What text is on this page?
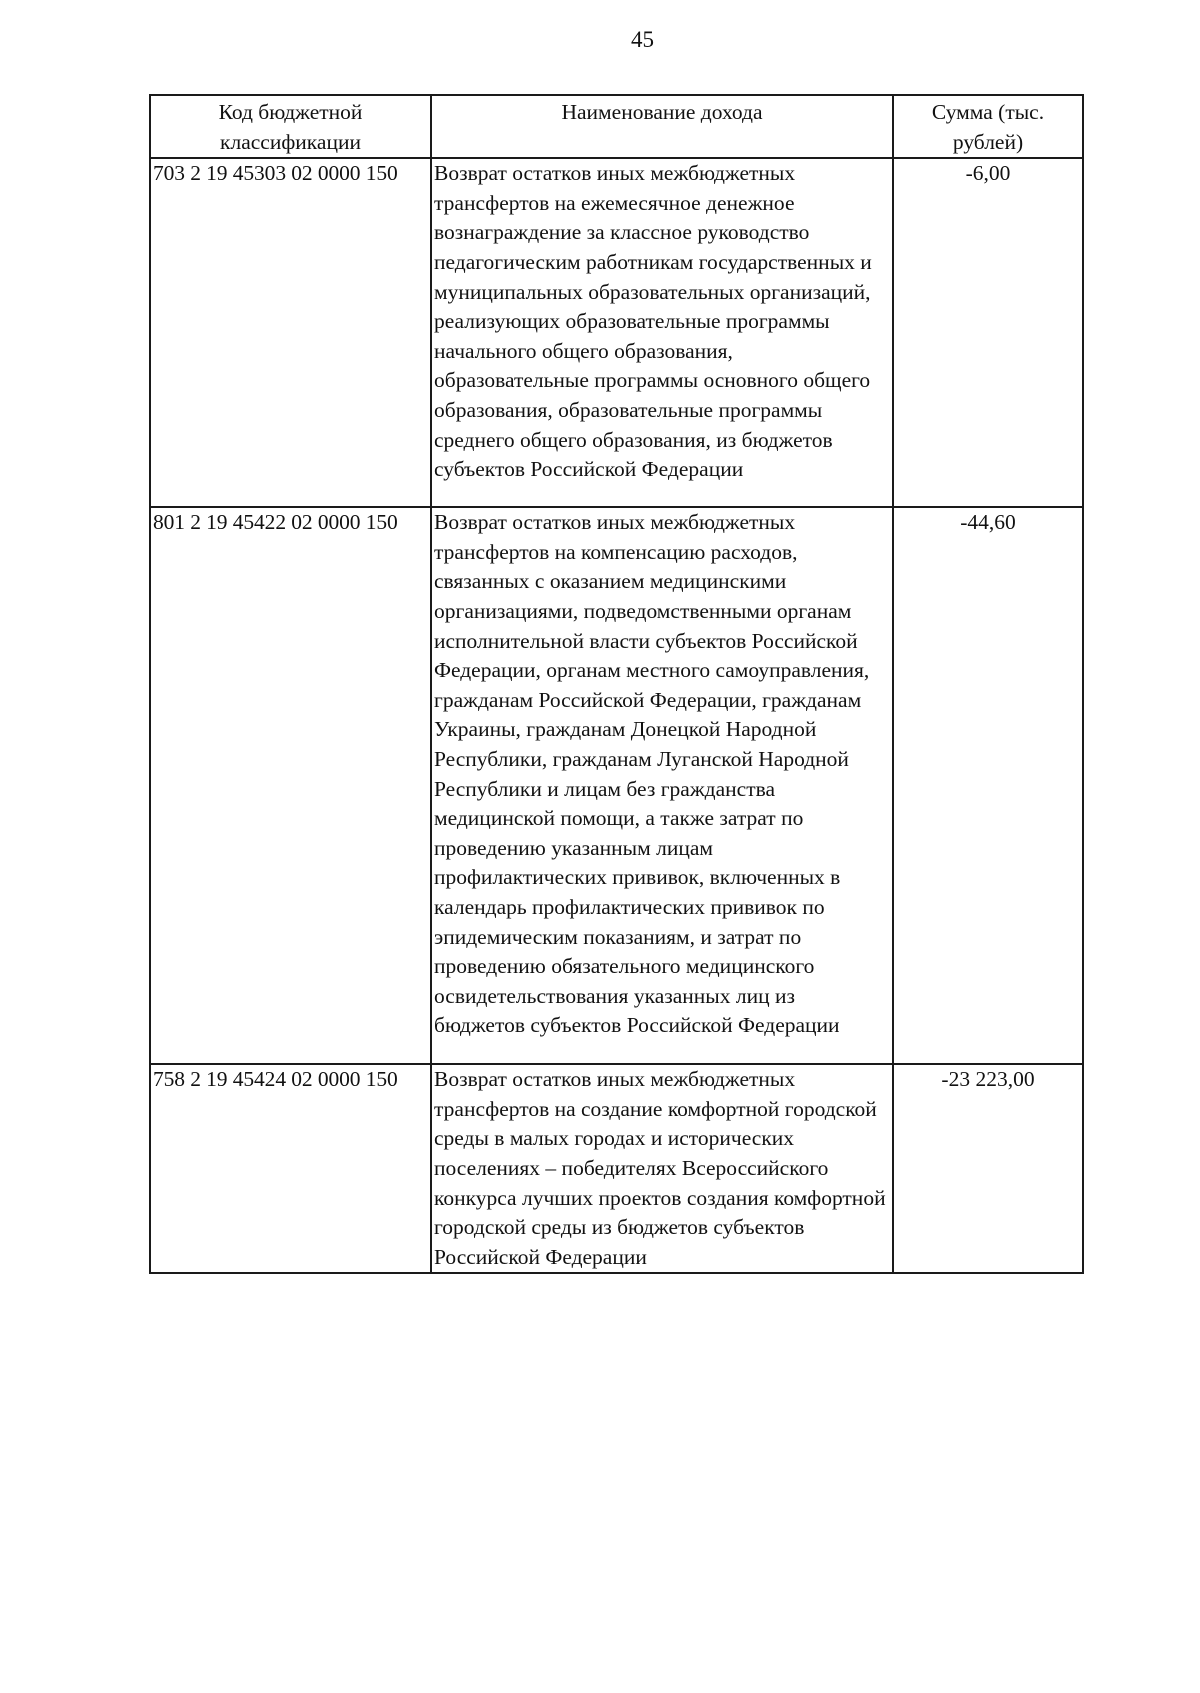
45
Код бюджетной классификации	Наименование дохода	Сумма (тыс. рублей)
703 2 19 45303 02 0000 150	Возврат остатков иных межбюджетных трансфертов на ежемесячное денежное вознаграждение за классное руководство педагогическим работникам государственных и муниципальных образовательных организаций, реализующих образовательные программы начального общего образования, образовательные программы основного общего образования, образовательные программы среднего общего образования, из бюджетов субъектов Российской Федерации	-6,00
801 2 19 45422 02 0000 150	Возврат остатков иных межбюджетных трансфертов на компенсацию расходов, связанных с оказанием медицинскими организациями, подведомственными органам исполнительной власти субъектов Российской Федерации, органам местного самоуправления, гражданам Российской Федерации, гражданам Украины, гражданам Донецкой Народной Республики, гражданам Луганской Народной Республики и лицам без гражданства медицинской помощи, а также затрат по проведению указанным лицам профилактических прививок, включенных в календарь профилактических прививок по эпидемическим показаниям, и затрат по проведению обязательного медицинского освидетельствования указанных лиц из бюджетов субъектов Российской Федерации	-44,60
758 2 19 45424 02 0000 150	Возврат остатков иных межбюджетных трансфертов на создание комфортной городской среды в малых городах и исторических поселениях – победителях Всероссийского конкурса лучших проектов создания комфортной городской среды из бюджетов субъектов Российской Федерации	-23 223,00
